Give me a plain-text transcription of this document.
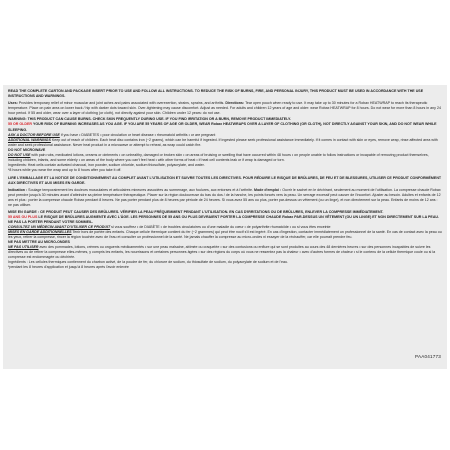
READ THE COMPLETE CARTON AND PACKAGE INSERT PRIOR TO USE AND FOLLOW ALL INSTRUCTIONS. TO REDUCE THE RISK OF BURNS, FIRE, AND PERSONAL INJURY, THIS PRODUCT MUST BE USED IN ACCORDANCE WITH THE USE INSTRUCTIONS AND WARNINGS.

Uses: Provides temporary relief of minor muscular and joint aches and pains associated with overexertion, strains, sprains, and arthritis. Directions: Tear open pouch when ready to use. It may take up to 30 minutes for a Robax HEATWRAP to reach its therapeutic temperature. Place on pain area on lower back / hip with darker dots toward skin. Over-tightening may cause discomfort. Adjust as needed. For adults and children 12 years of age and older: wear Robax HEATWRAP for 8 hours. Do not wear for more than 8 hours in any 24 hour period. If 55 and older, wear over a layer of clothing (or cloth), not directly against your skin. Children under 12 years: do not use.

WARNING: THIS PRODUCT CAN CAUSE BURNS. CHECK SKIN FREQUENTLY DURING USE. IF YOU FIND IRRITATION OR A BURN, REMOVE PRODUCT IMMEDIATELY.

55 OR OLDER YOUR RISK OF BURNING INCREASES AS YOU AGE. IF YOU ARE 55 YEARS OF AGE OR OLDER, WEAR Robax HEATWRAPS OVER A LAYER OF CLOTHING (OR CLOTH), NOT DIRECTLY AGAINST YOUR SKIN, AND DO NOT WEAR WHILE SLEEPING.

ASK A DOCTOR BEFORE USE if you have • DIABETES • poor circulation or heart disease • rheumatoid arthritis • or are pregnant

ADDITIONAL WARNINGS Keep out of reach of children. Each heat disc contains iron (~2 grams), which can be harmful if ingested. If ingested please seek professional assistance immediately. If it comes in contact with skin or eyes, remove wrap, rinse affected area with water and seek professional assistance. Never heat product in a microwave or attempt to reheat, as wrap could catch fire.

DO NOT MICROWAVE

DO NOT USE with pain rubs, medicated lotions, creams or ointments • on unhealthy, damaged or broken skin • on areas of bruising or swelling that have occurred within 48 hours • on people unable to follow instructions or incapable of removing product themselves, including children, infants, and some elderly • on areas of the body where you can't feel heat • with other forms of heat • if heat cell contents leak or if wrap is damaged or torn.

Ingredients: Heat cells contain activated charcoal, iron powder, sodium chloride, sodium thiosulfate, polyacrylate, and water.

*8 hours while you wear the wrap and up to 8 hours after you take it off.

LIRE L'EMBALLAGE ET LA NOTICE DE CONDITIONNEMENT AU COMPLET AVANT L'UTILISATION ET SUIVRE TOUTES LES DIRECTIVES. POUR RÉDUIRE LE RISQUE DE BRÛLURES, DE FEU ET DE BLESSURES, UTILISER CE PRODUIT CONFORMÉMENT AUX DIRECTIVES ET AUX MISES EN GARDE.

Indication : Soulage temporairement les douleurs musculaires et articulaires mineures associées au surmenage, aux foulures, aux entorses et à l'arthrite. Mode d'emploi : Ouvrir le sachet en le déchirant, seulement au moment de l'utilisation. La compresse chaude Robax peut prendre jusqu'à 30 minutes avant d'atteindre sa pleine température thérapeutique. Placer sur la région douloureuse du bas du dos / de la hanche, les points foncés vers la peau. Un serrage excessif peut causer de l'inconfort. Ajuster au besoin. Adultes et enfants de 12 ans et plus : porter la compresse chaude Robax pendant 8 heures. Ne pas porter pendant plus de 8 heures par période de 24 heures. Si vous avez 55 ans ou plus, porter par-dessus un vêtement (ou un linge), et non directement sur la peau. Enfants de moins de 12 ans : ne pas utiliser.

MISE EN GARDE : CE PRODUIT PEUT CAUSER DES BRÛLURES. VÉRIFIER LA PEAU FRÉQUEMMENT PENDANT L'UTILISATION. EN CAS D'IRRITATIONS OU DE BRÛLURES, ENLEVER LA COMPRESSE IMMÉDIATEMENT.

55 ANS OU PLUS LE RISQUE DE BRÛLURES AUGMENTE AVEC L'ÂGE. LES PERSONNES DE 55 ANS OU PLUS DEVRAIENT PORTER LA COMPRESSE CHAUDE Robax PAR-DESSUS UN VÊTEMENT (OU UN LINGE) ET NON DIRECTEMENT SUR LA PEAU. NE PAS LA PORTER PENDANT VOTRE SOMMEIL.

CONSULTEZ UN MÉDECIN AVANT D'UTILISER CE PRODUIT si vous souffrez • de DIABÈTE • de troubles circulatoires ou d'une maladie du cœur • de polyarthrite rhumatoïde • ou si vous êtes enceinte

MISES EN GARDE ADDITIONNELLES Tenir hors de portée des enfants. Chaque cellule thermique contient du fer (~2 grammes) qui peut être nocif s'il est ingéré. En cas d'ingestion, contacter immédiatement un professionnel de la santé. En cas de contact avec la peau ou les yeux, retirer la compresse, rincer la région touchée avec de l'eau et consulter un professionnel de la santé. Ne jamais chauffer la compresse au micro-ondes ni essayer de la réchauffer, car elle pourrait prendre feu.

NE PAS METTRE AU MICRO-ONDES

NE PAS UTILISER avec des pommades, lotions, crèmes ou onguents médicamentés • sur une peau malsaine, abîmée ou craquelée • sur des contusions ou enflure qui se sont produites au cours des 48 dernières heures • sur des personnes incapables de suivre les directives ou de retirer la compresse elles-mêmes, y compris les enfants, les nourrissons et certaines personnes âgées • sur des régions du corps où vous ne ressentez pas la chaleur • avec d'autres formes de chaleur • si le contenu de la cellule thermique coule ou si la compresse est endommagée ou déchirée.

Ingrédients : Les cellules thermiques contiennent du charbon activé, de la poudre de fer, du chlorure de sodium, du thiosulfate de sodium, du polyacrylate de sodium et de l'eau.

*pendant les 8 heures d'application et jusqu'à 8 heures après l'avoir enlevée

PAA041773
